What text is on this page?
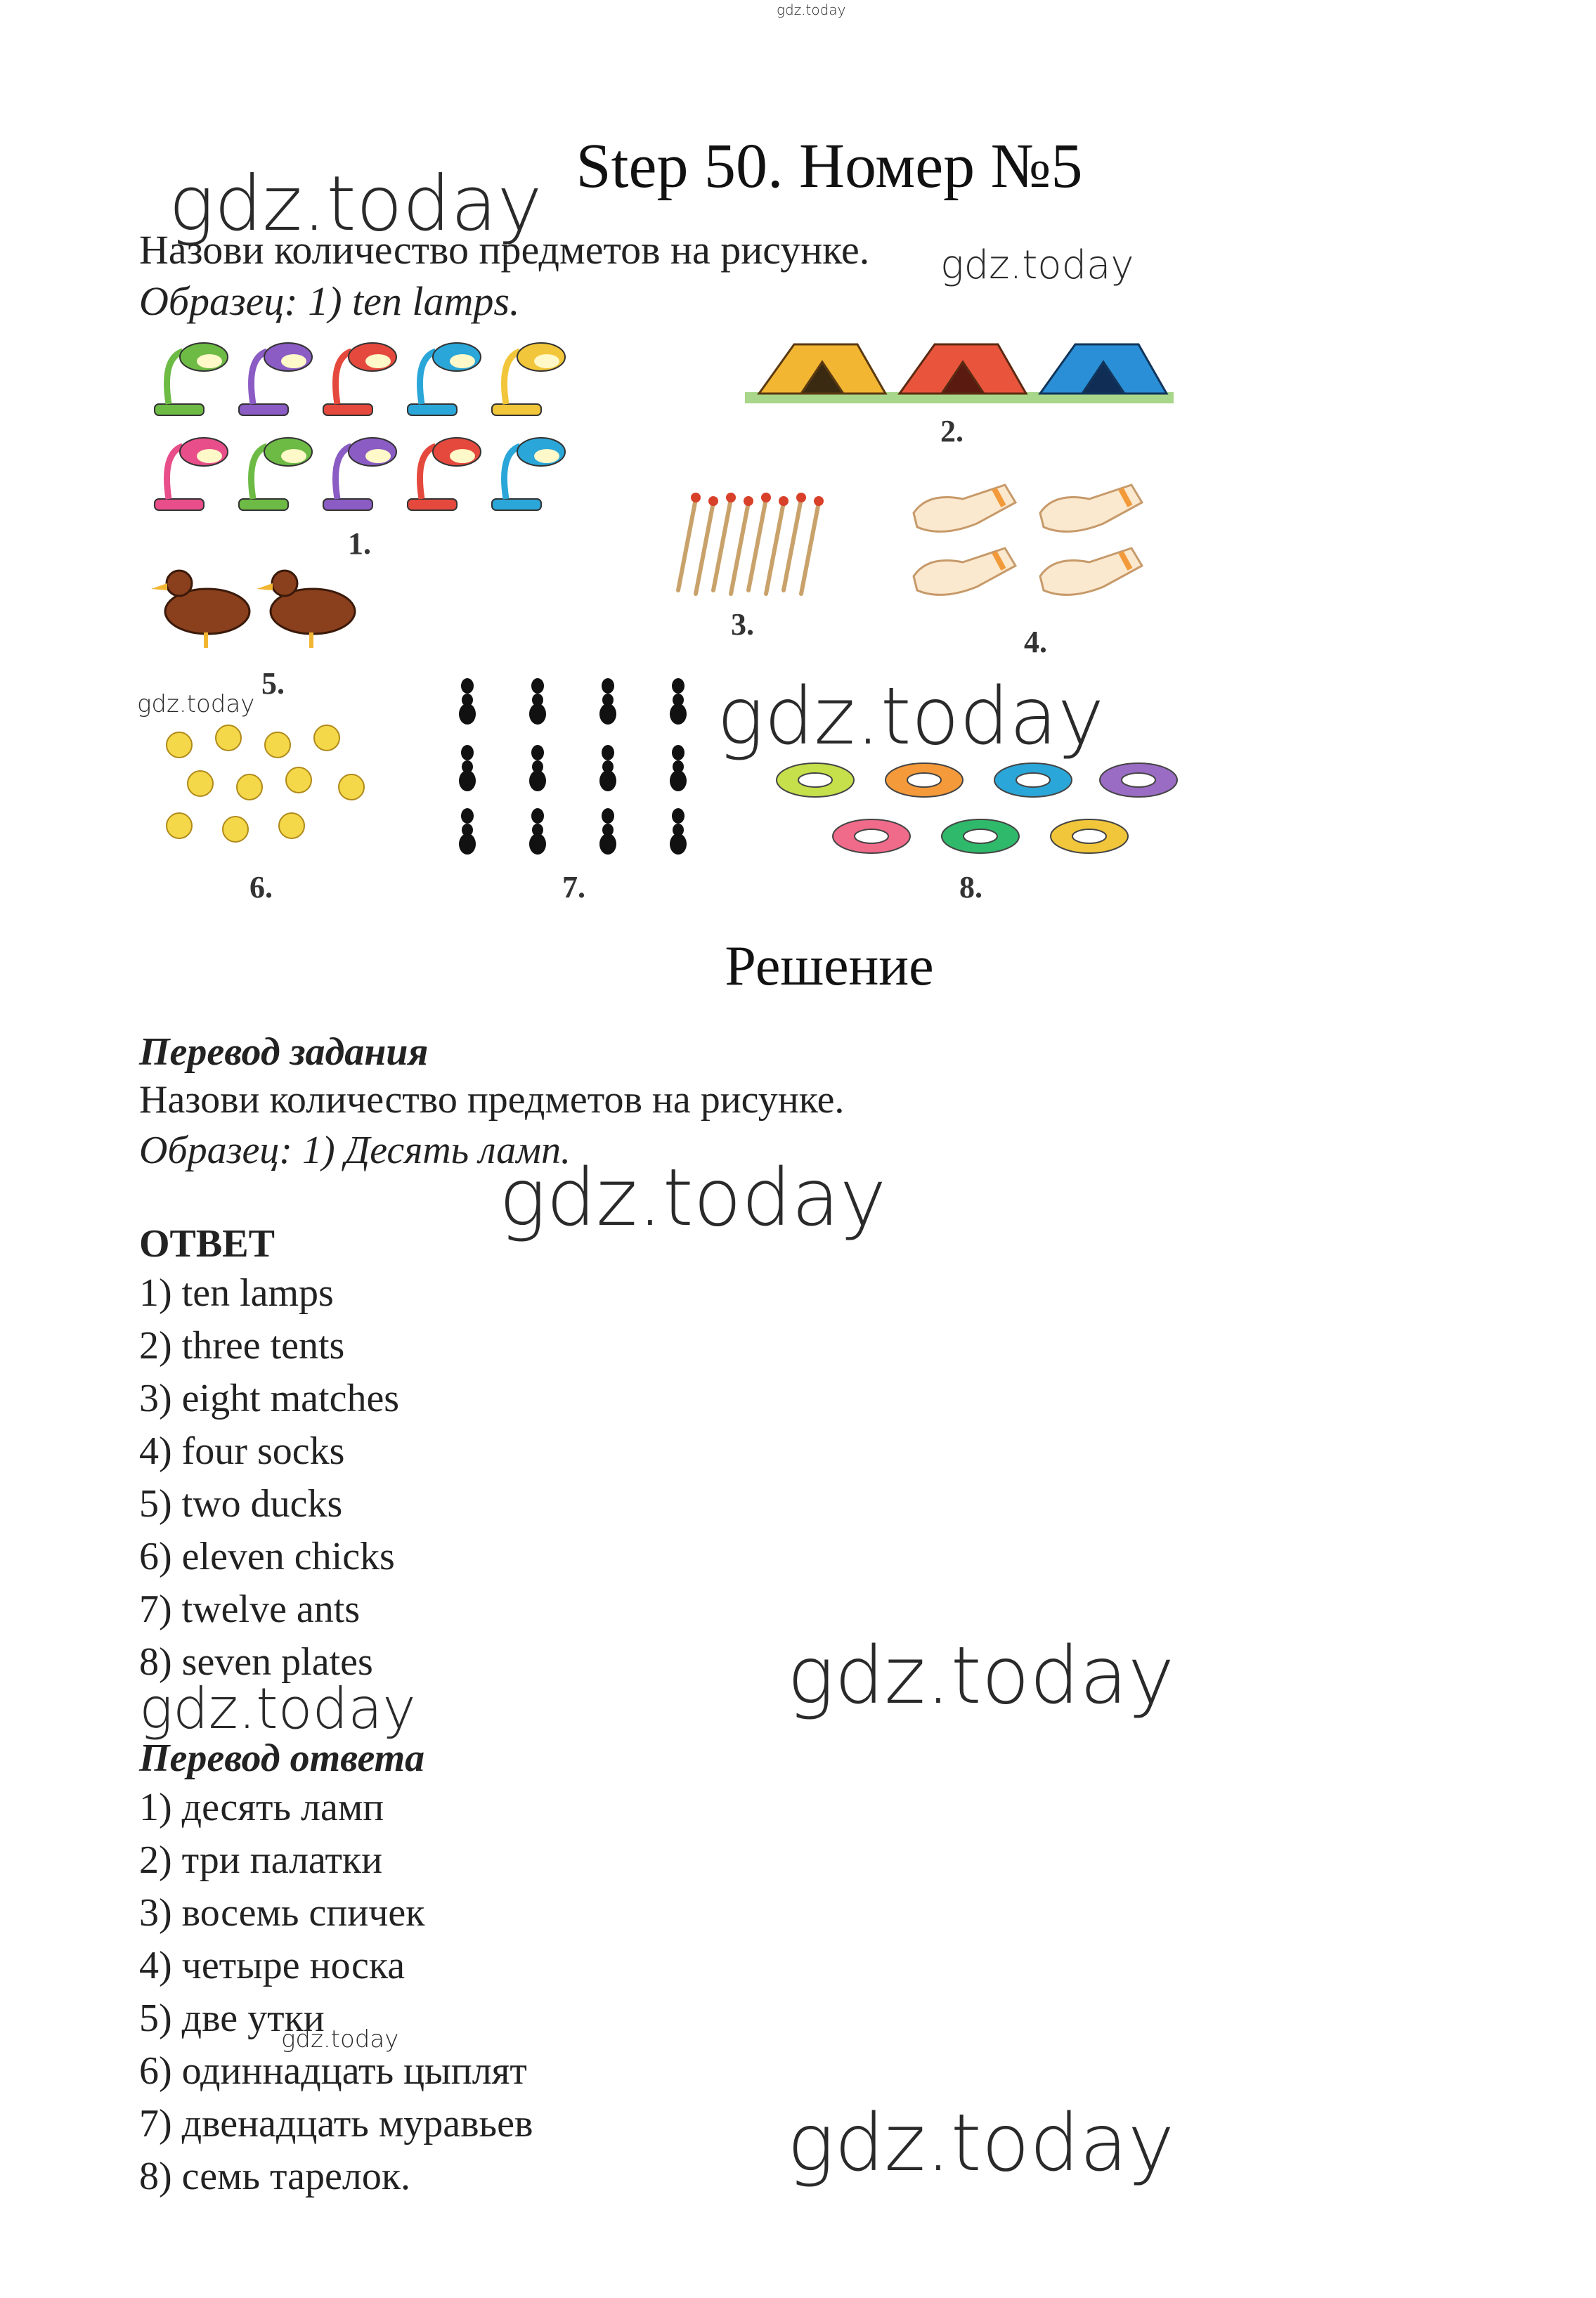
gdz.today
Step 50. Номер №5
gdz.today
Назови количество предметов на рисунке.
Образец: 1) ten lamps.
gdz.today
1.
2.
3.
4.
5.
6.	7.	8.
gdz.today	gdz.today
Решение
Перевод задания
Назови количество предметов на рисунке.
Образец: 1) Десять ламп.
gdz.today
ОТВЕТ
1) ten lamps
2) three tents
3) eight matches
4) four socks
5) two ducks
6) eleven chicks
7) twelve ants
8) seven plates	gdz.today
gdz.today
Перевод ответа
1) десять ламп
2) три палатки
3) восемь спичек
4) четыре носка
5) две утки
gdz.today
6) одиннадцать цыплят
7) двенадцать муравьев
8) семь тарелок.	gdz.today
